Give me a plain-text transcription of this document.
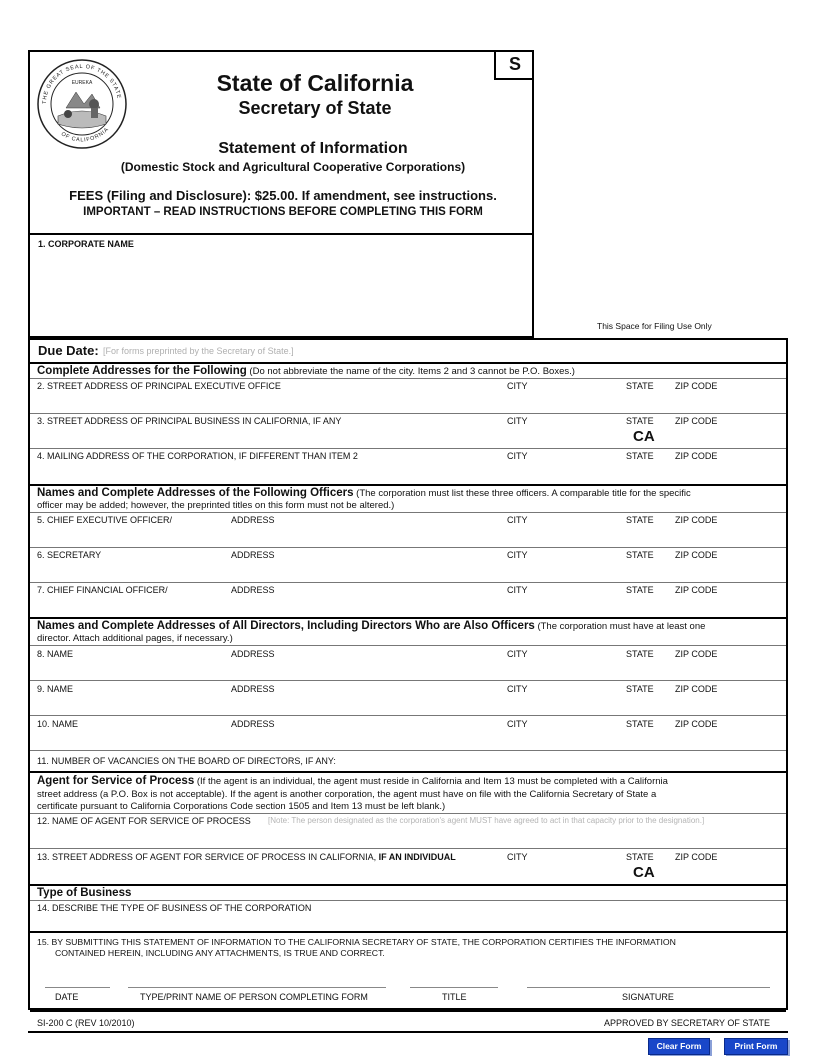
S
EUREKA
THE GREAT SEAL OF THE STATE
OF CALIFORNIA
State of California
Secretary of State
Statement of Information
(Domestic Stock and Agricultural Cooperative Corporations)
FEES (Filing and Disclosure): $25.00. If amendment, see instructions.
IMPORTANT – READ INSTRUCTIONS BEFORE COMPLETING THIS FORM
1. CORPORATE NAME
This Space for Filing Use Only
Due Date: [For forms preprinted by the Secretary of State.]
Complete Addresses for the Following (Do not abbreviate the name of the city. Items 2 and 3 cannot be P.O. Boxes.)
2. STREET ADDRESS OF PRINCIPAL EXECUTIVE OFFICE	CITY	STATE ZIP CODE
3. STREET ADDRESS OF PRINCIPAL BUSINESS IN CALIFORNIA, IF ANY	CITY	STATE ZIP CODE
CA
4. MAILING ADDRESS OF THE CORPORATION, IF DIFFERENT THAN ITEM 2	CITY	STATE ZIP CODE
Names and Complete Addresses of the Following Officers (The corporation must list these three officers. A comparable title for the specific
officer may be added; however, the preprinted titles on this form must not be altered.)
5. CHIEF EXECUTIVE OFFICER/	ADDRESS	CITY	STATE ZIP CODE
6. SECRETARY	ADDRESS	CITY	STATE ZIP CODE
7. CHIEF FINANCIAL OFFICER/	ADDRESS	CITY	STATE ZIP CODE
Names and Complete Addresses of All Directors, Including Directors Who are Also Officers (The corporation must have at least one
director. Attach additional pages, if necessary.)
8. NAME	ADDRESS	CITY	STATE ZIP CODE
9. NAME	ADDRESS	CITY	STATE ZIP CODE
10. NAME	ADDRESS	CITY	STATE ZIP CODE
11. NUMBER OF VACANCIES ON THE BOARD OF DIRECTORS, IF ANY:
Agent for Service of Process (If the agent is an individual, the agent must reside in California and Item 13 must be completed with a California
street address (a P.O. Box is not acceptable). If the agent is another corporation, the agent must have on file with the California Secretary of State a
certificate pursuant to California Corporations Code section 1505 and Item 13 must be left blank.)
12. NAME OF AGENT FOR SERVICE OF PROCESS [Note: The person designated as the corporation's agent MUST have agreed to act in that capacity prior to the designation.]
13. STREET ADDRESS OF AGENT FOR SERVICE OF PROCESS IN CALIFORNIA, IF AN INDIVIDUAL	CITY	STATE ZIP CODE
CA
Type of Business
14. DESCRIBE THE TYPE OF BUSINESS OF THE CORPORATION
15. BY SUBMITTING THIS STATEMENT OF INFORMATION TO THE CALIFORNIA SECRETARY OF STATE, THE CORPORATION CERTIFIES THE INFORMATION
CONTAINED HEREIN, INCLUDING ANY ATTACHMENTS, IS TRUE AND CORRECT.
DATE	TYPE/PRINT NAME OF PERSON COMPLETING FORM	TITLE	SIGNATURE
SI-200 C (REV 10/2010)	APPROVED BY SECRETARY OF STATE
Clear Form	Print Form
